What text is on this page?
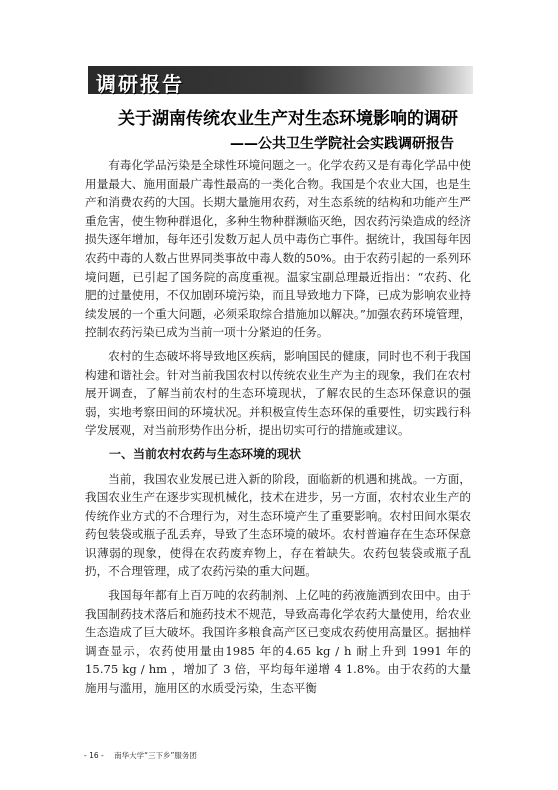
调研报告
关于湖南传统农业生产对生态环境影响的调研
——公共卫生学院社会实践调研报告

有毒化学品污染是全球性环境问题之一。化学农药又是有毒化学品中使用量最大、施用面最广毒性最高的一类化合物。我国是个农业大国，也是生产和消费农药的大国。长期大量施用农药，对生态系统的结构和功能产生严重危害，使生物种群退化，多种生物种群濒临灭绝，因农药污染造成的经济损失逐年增加，每年还引发数万起人员中毒伤亡事件。据统计，我国每年因农药中毒的人数占世界同类事故中毒人数的50%。由于农药引起的一系列环境问题，已引起了国务院的高度重视。温家宝副总理最近指出：“农药、化肥的过量使用，不仅加剧环境污染，而且导致地力下降，已成为影响农业持续发展的一个重大问题，必须采取综合措施加以解决。”加强农药环境管理，控制农药污染已成为当前一项十分紧迫的任务。

农村的生态破坏将导致地区疾病，影响国民的健康，同时也不利于我国构建和谐社会。针对当前我国农村以传统农业生产为主的现象，我们在农村展开调查，了解当前农村的生态环境现状，了解农民的生态环保意识的强弱，实地考察田间的环境状况。并积极宣传生态环保的重要性，切实践行科学发展观，对当前形势作出分析，提出切实可行的措施或建议。

一、当前农村农药与生态环境的现状

当前，我国农业发展已进入新的阶段，面临新的机遇和挑战。一方面，我国农业生产在逐步实现机械化，技术在进步，另一方面，农村农业生产的传统作业方式的不合理行为，对生态环境产生了重要影响。农村田间水渠农药包装袋或瓶子乱丢弃，导致了生态环境的破坏。农村普遍存在生态环保意识薄弱的现象，使得在农药废弃物上，存在着缺失。农药包装袋或瓶子乱扔，不合理管理，成了农药污染的重大问题。

我国每年都有上百万吨的农药制剂、上亿吨的药液施洒到农田中。由于我国制药技术落后和施药技术不规范，导致高毒化学农药大量使用，给农业生态造成了巨大破坏。我国许多粮食高产区已变成农药使用高量区。据抽样调查显示，农药使用量由1985 年的4.65 kg / h 耐上升到 1991 年的 15.75 kg / hm ，增加了 3 倍，平均每年递增 4 1.8%。由于农药的大量施用与滥用，施用区的水质受污染，生态平衡

- 16 - 南华大学“三下乡”服务团
